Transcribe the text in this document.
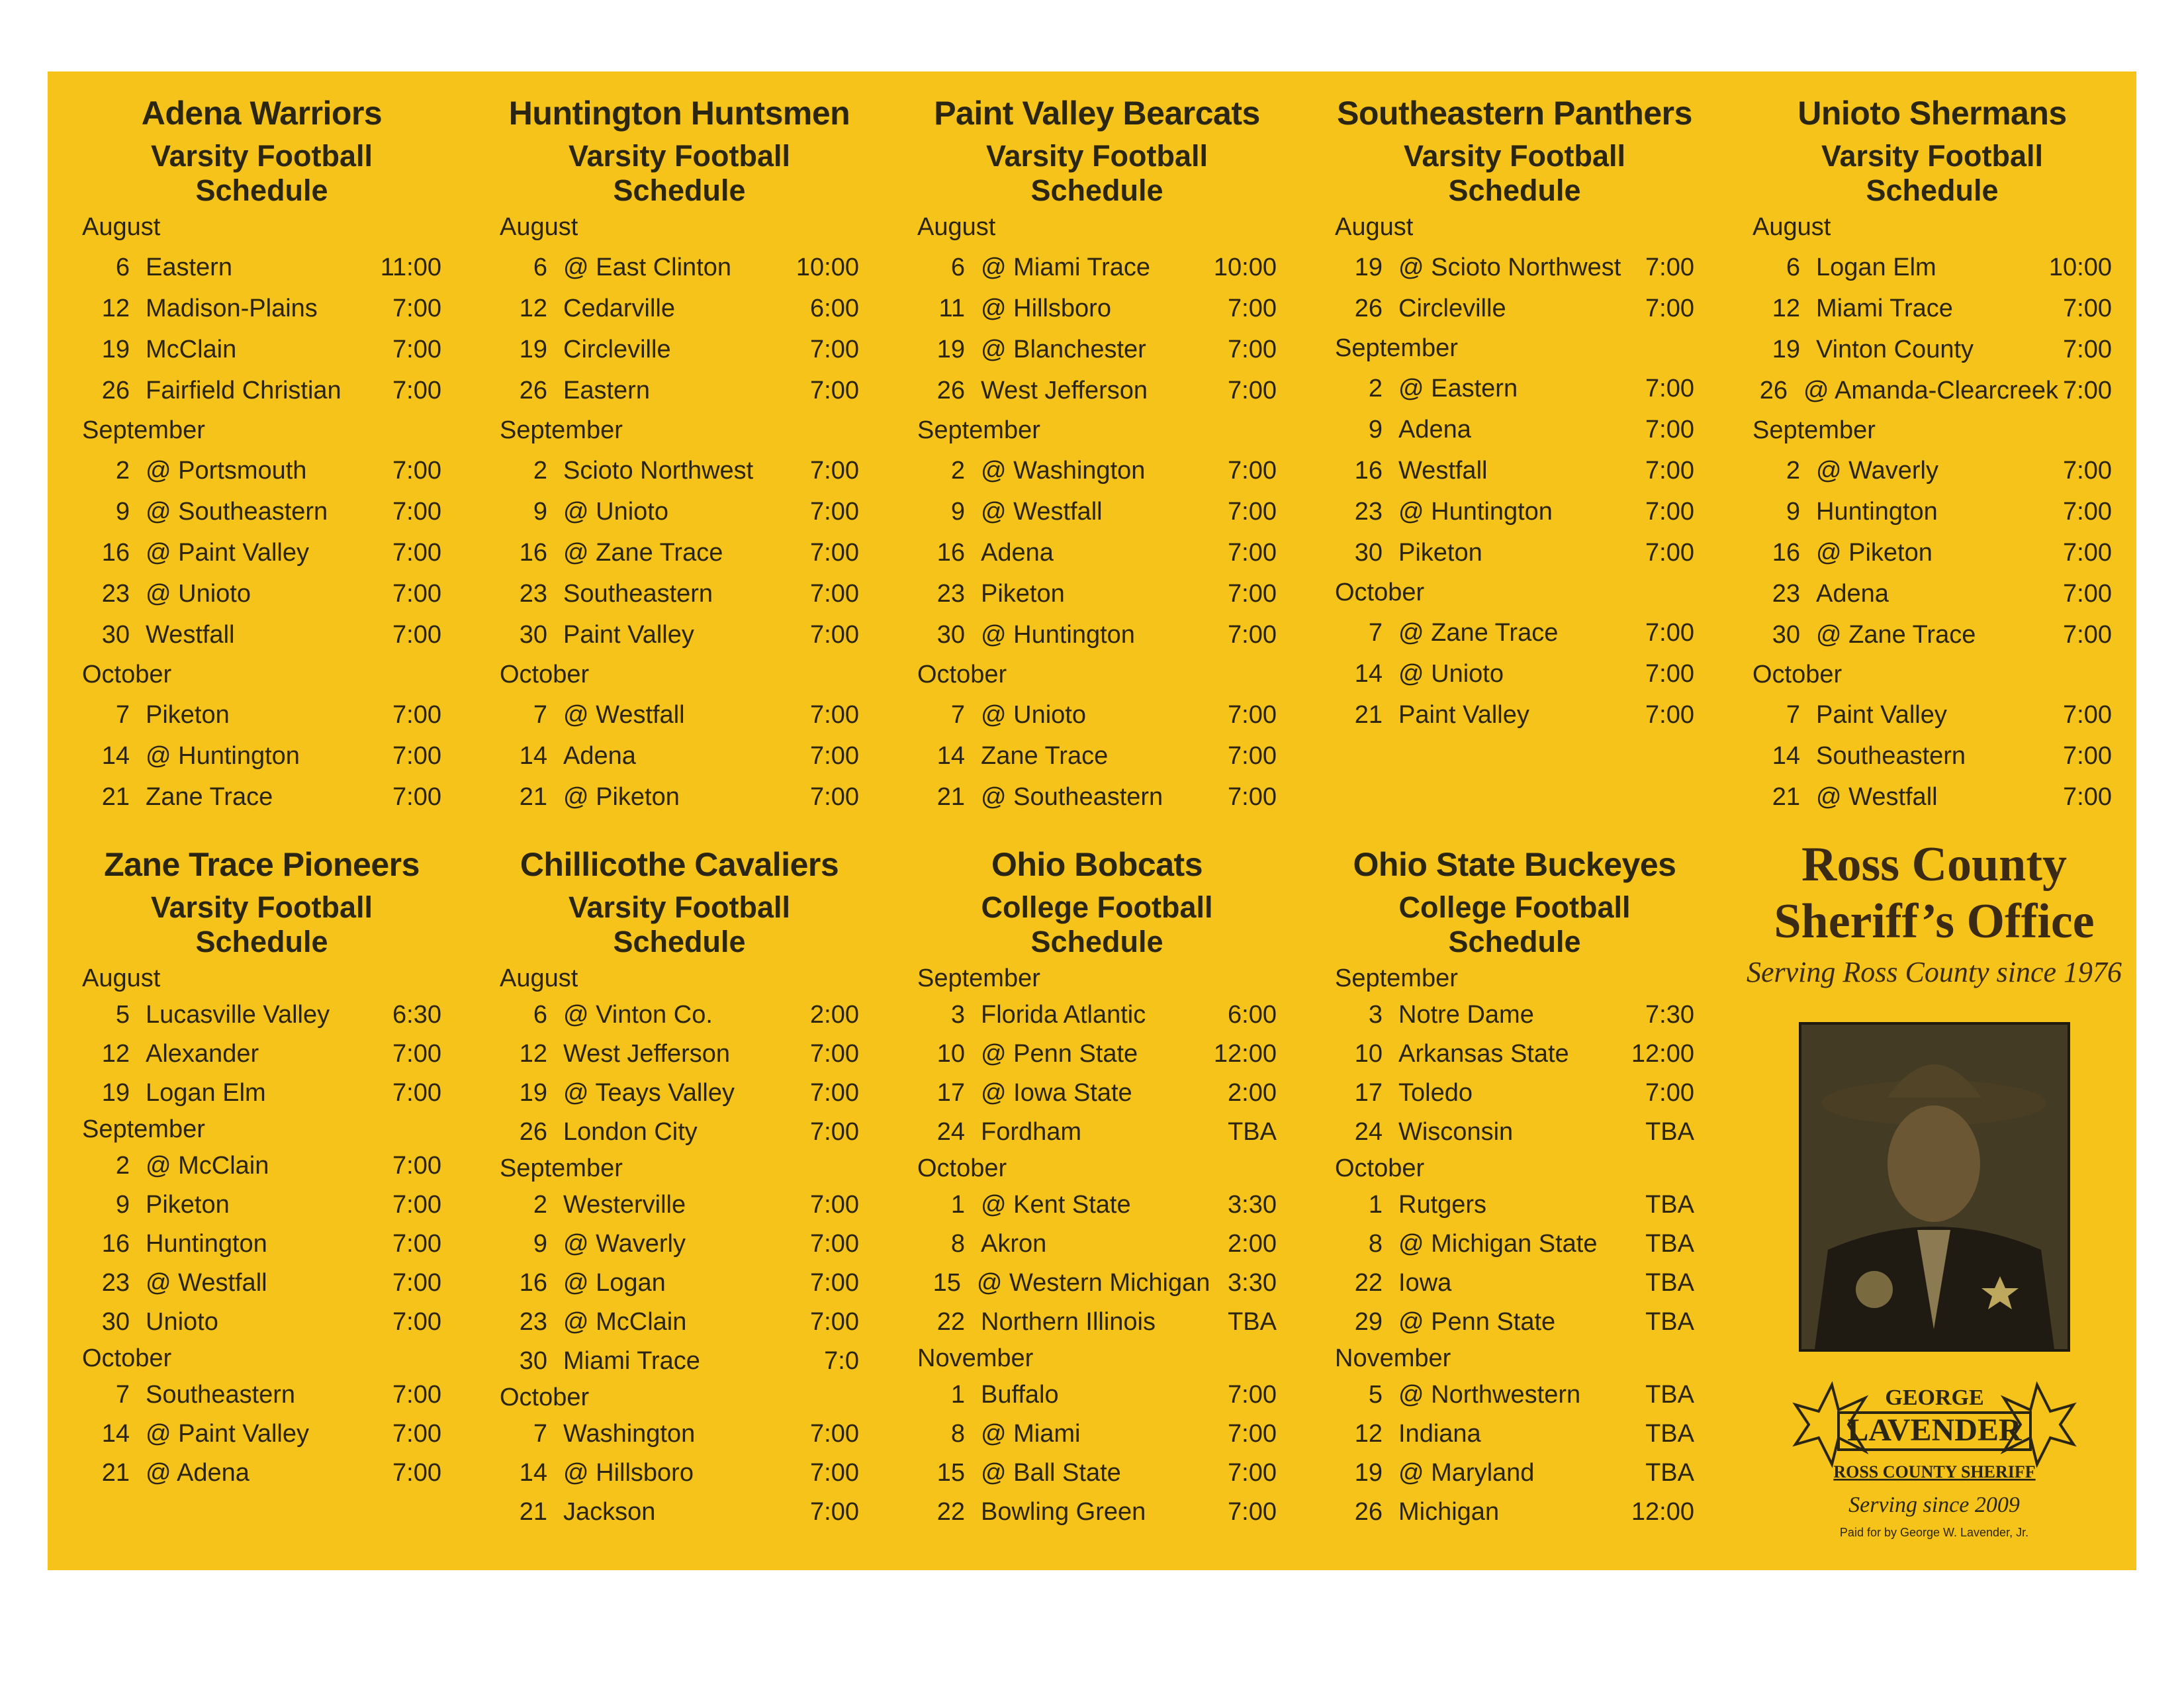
Adena Warriors
Varsity Football Schedule
August
6 Eastern	11:00
12 Madison-Plains	7:00
19 McClain	7:00
26 Fairfield Christian	7:00
September
2 @ Portsmouth	7:00
9 @ Southeastern	7:00
16 @ Paint Valley	7:00
23 @ Unioto	7:00
30 Westfall	7:00
October
7 Piketon	7:00
14 @ Huntington	7:00
21 Zane Trace	7:00
Huntington Huntsmen
Varsity Football Schedule
August
6 @ East Clinton	10:00
12 Cedarville	6:00
19 Circleville	7:00
26 Eastern	7:00
September
2 Scioto Northwest	7:00
9 @ Unioto	7:00
16 @ Zane Trace	7:00
23 Southeastern	7:00
30 Paint Valley	7:00
October
7 @ Westfall	7:00
14 Adena	7:00
21 @ Piketon	7:00
Paint Valley Bearcats
Varsity Football Schedule
August
6 @ Miami Trace	10:00
11 @ Hillsboro	7:00
19 @ Blanchester	7:00
26 West Jefferson	7:00
September
2 @ Washington	7:00
9 @ Westfall	7:00
16 Adena	7:00
23 Piketon	7:00
30 @ Huntington	7:00
October
7 @ Unioto	7:00
14 Zane Trace	7:00
21 @ Southeastern	7:00
Southeastern Panthers
Varsity Football Schedule
August
19 @ Scioto Northwest 7:00
26 Circleville	7:00
September
2 @ Eastern	7:00
9 Adena	7:00
16 Westfall	7:00
23 @ Huntington	7:00
30 Piketon	7:00
October
7 @ Zane Trace	7:00
14 @ Unioto	7:00
21 Paint Valley	7:00
Unioto Shermans
Varsity Football Schedule
August
6 Logan Elm	10:00
12 Miami Trace	7:00
19 Vinton County	7:00
26 @ Amanda-Clearcreek 7:00
September
2 @ Waverly	7:00
9 Huntington	7:00
16 @ Piketon	7:00
23 Adena	7:00
30 @ Zane Trace	7:00
October
7 Paint Valley	7:00
14 Southeastern	7:00
21 @ Westfall	7:00
Ross County
Sheriff’s Office
Serving Ross County since 1976
GEORGE
LAVENDER
ROSS COUNTY SHERIFF
Serving since 2009
Paid for by George W. Lavender, Jr.
Zane Trace Pioneers
Varsity Football Schedule
August
5 Lucasville Valley	6:30
12 Alexander	7:00
19 Logan Elm	7:00
September
2 @ McClain	7:00
9 Piketon	7:00
16 Huntington	7:00
23 @ Westfall	7:00
30 Unioto	7:00
October
7 Southeastern	7:00
14 @ Paint Valley	7:00
21 @ Adena	7:00
Chillicothe Cavaliers
Varsity Football Schedule
August
6 @ Vinton Co.	2:00
12 West Jefferson	7:00
19 @ Teays Valley	7:00
26 London City	7:00
September
2 Westerville	7:00
9 @ Waverly	7:00
16 @ Logan	7:00
23 @ McClain	7:00
30 Miami Trace	7:0
October
7 Washington	7:00
14 @ Hillsboro	7:00
21 Jackson	7:00
Ohio Bobcats
College Football Schedule
September
3 Florida Atlantic	6:00
10 @ Penn State	12:00
17 @ Iowa State	2:00
24 Fordham	TBA
October
1 @ Kent State	3:30
8 Akron	2:00
15 @ Western Michigan 3:30
22 Northern Illinois	TBA
November
1 Buffalo	7:00
8 @ Miami	7:00
15 @ Ball State	7:00
22 Bowling Green	7:00
Ohio State Buckeyes
College Football Schedule
September
3 Notre Dame	7:30
10 Arkansas State	12:00
17 Toledo	7:00
24 Wisconsin	TBA
October
1 Rutgers	TBA
8 @ Michigan State	TBA
22 Iowa	TBA
29 @ Penn State	TBA
November
5 @ Northwestern	TBA
12 Indiana	TBA
19 @ Maryland	TBA
26 Michigan	12:00
